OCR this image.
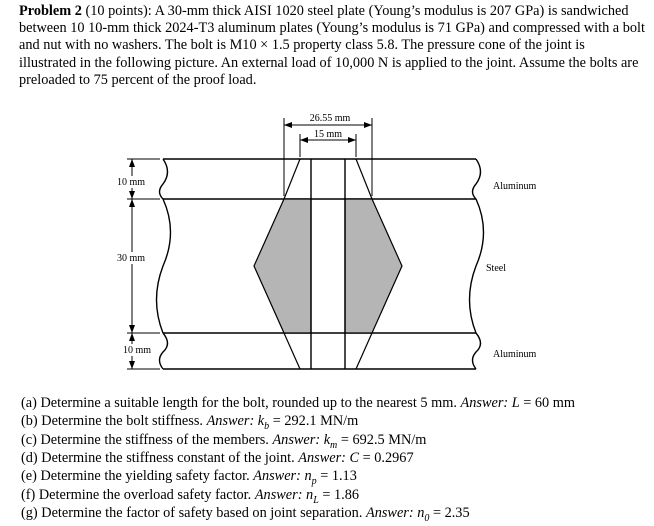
Problem 2 (10 points): A 30-mm thick AISI 1020 steel plate (Young’s modulus is 207 GPa) is sandwiched between 10 10-mm thick 2024-T3 aluminum plates (Young’s modulus is 71 GPa) and compressed with a bolt and nut with no washers. The bolt is M10 × 1.5 property class 5.8. The pressure cone of the joint is illustrated in the following picture. An external load of 10,000 N is applied to the joint. Assume the bolts are preloaded to 75 percent of the proof load.
26.55 mm
15 mm
10 mm
30 mm
10 mm
Aluminum
Steel
Aluminum
(a) Determine a suitable length for the bolt, rounded up to the nearest 5 mm. Answer: L = 60 mm
(b) Determine the bolt stiffness. Answer: $k_b = 292.1$ MN/m
(c) Determine the stiffness of the members. Answer: $k_m = 692.5$ MN/m
(d) Determine the stiffness constant of the joint. Answer: C = 0.2967
(e) Determine the yielding safety factor. Answer: $n_p = 1.13$
(f) Determine the overload safety factor. Answer: $n_L = 1.86$
(g) Determine the factor of safety based on joint separation. Answer: $n_0 = 2.35$
